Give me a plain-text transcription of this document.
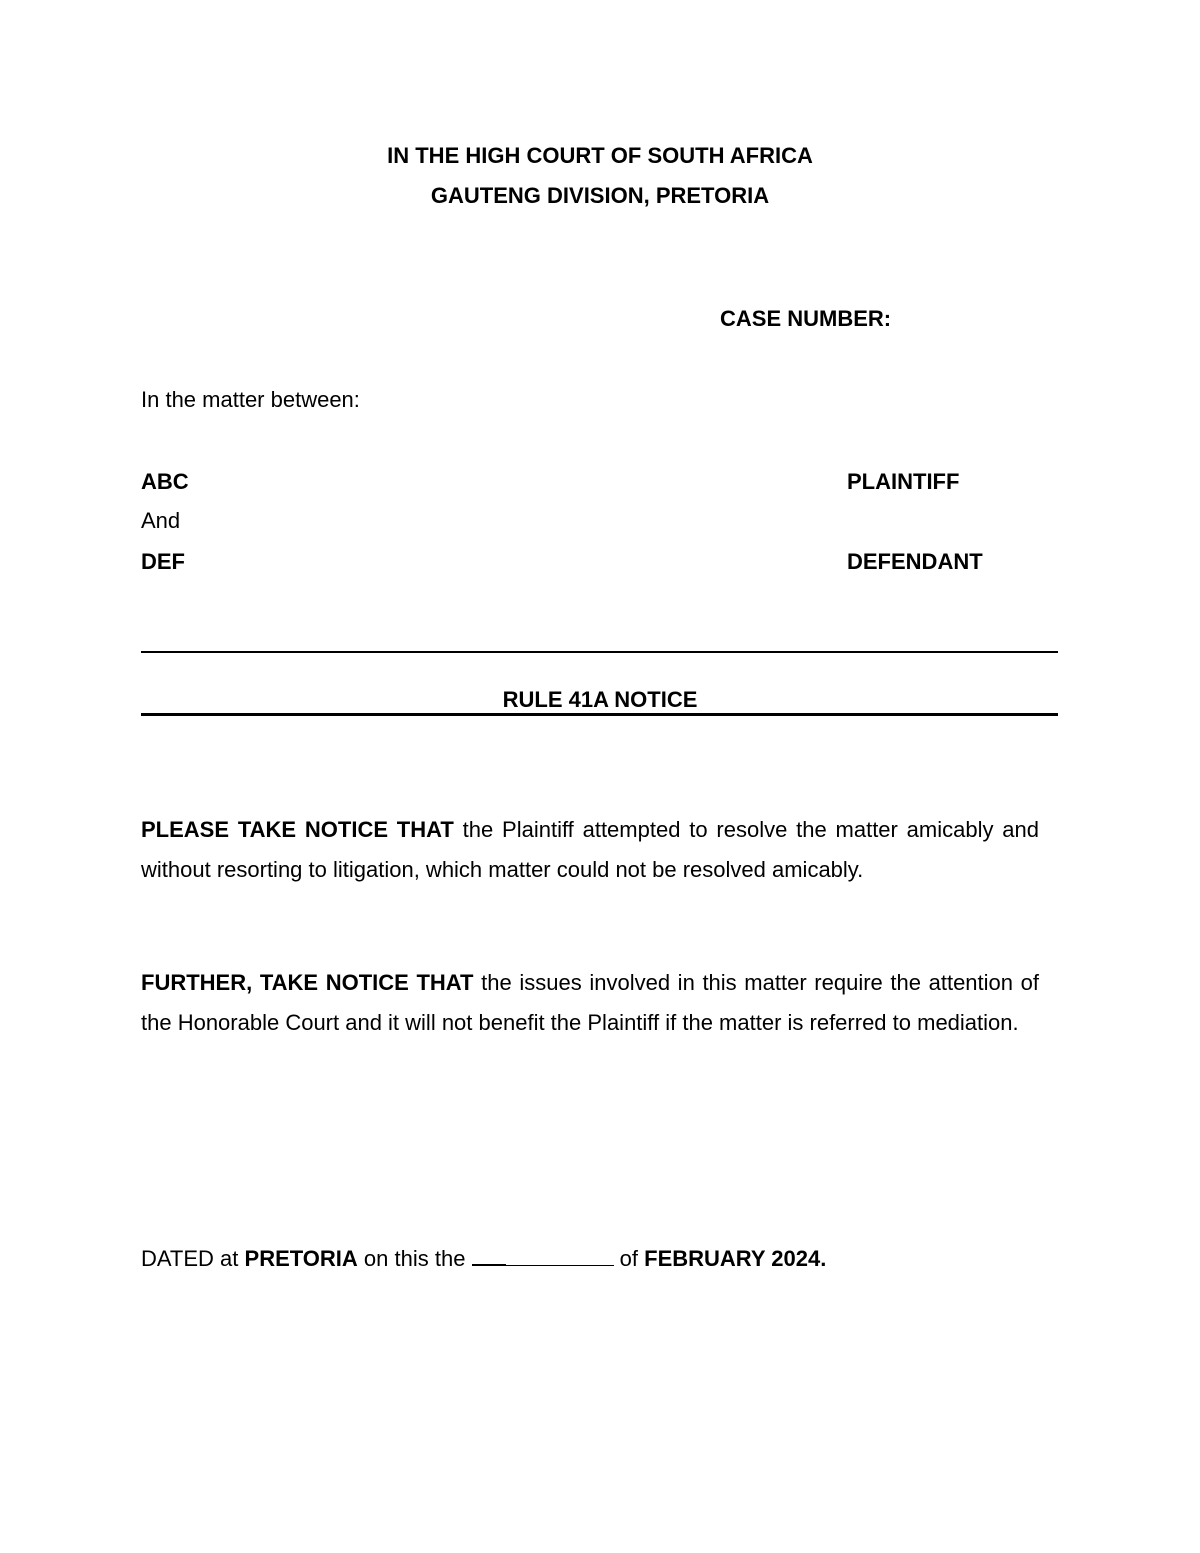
IN THE HIGH COURT OF SOUTH AFRICA
GAUTENG DIVISION, PRETORIA
CASE NUMBER:
In the matter between:
ABC	PLAINTIFF
And
DEF	DEFENDANT
RULE 41A NOTICE
PLEASE TAKE NOTICE THAT the Plaintiff attempted to resolve the matter amicably and without resorting to litigation, which matter could not be resolved amicably.
FURTHER, TAKE NOTICE THAT the issues involved in this matter require the attention of the Honorable Court and it will not benefit the Plaintiff if the matter is referred to mediation.
DATED at PRETORIA on this the	of FEBRUARY 2024.
